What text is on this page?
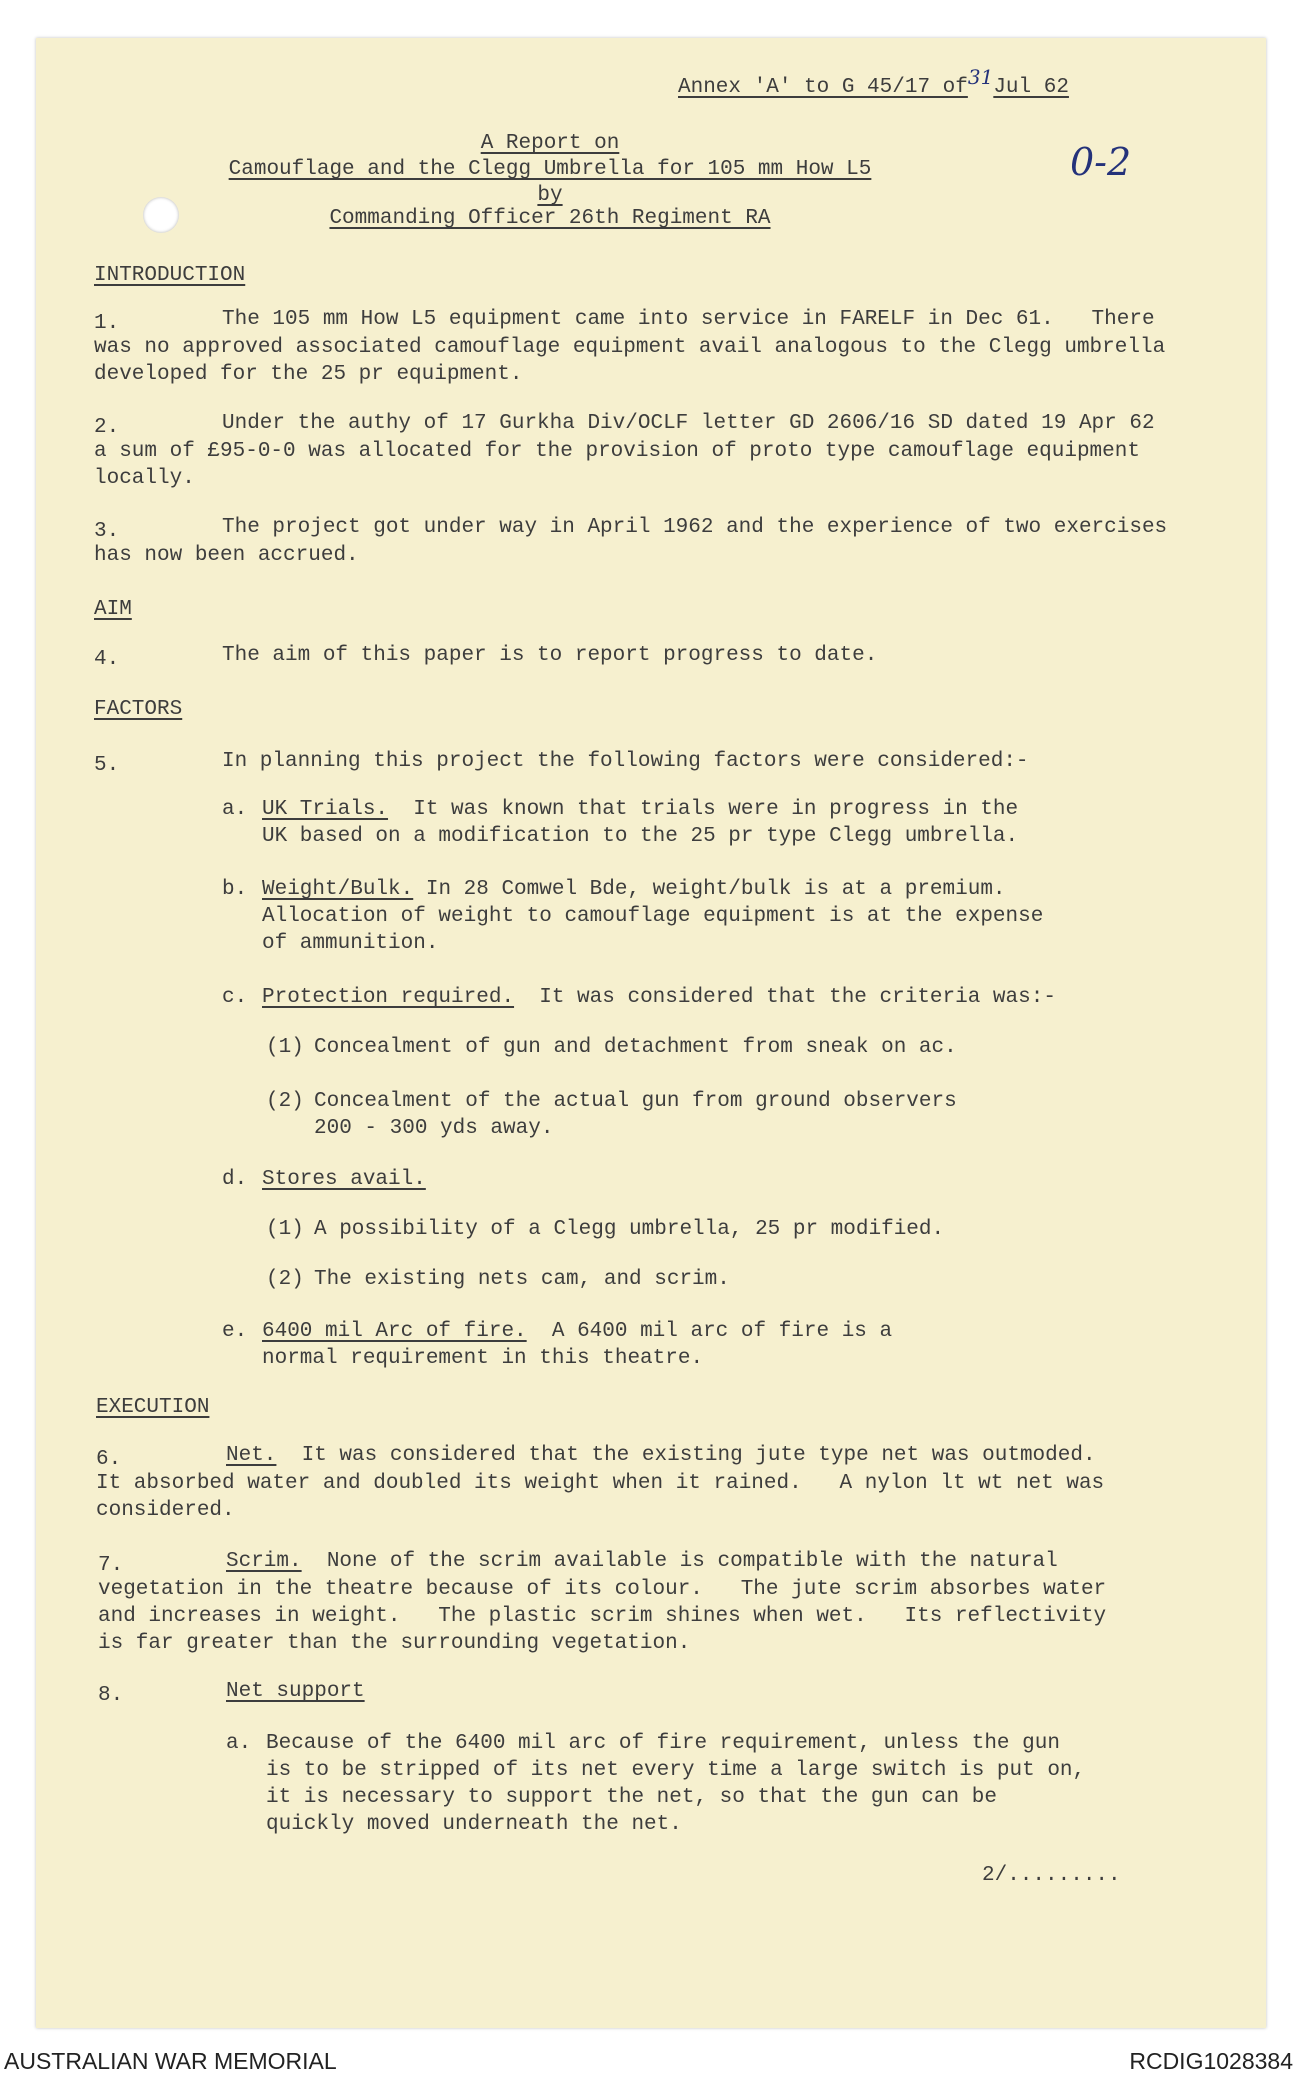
Annex 'A' to G 45/17 of31Jul 62
0-2
A Report on
Camouflage and the Clegg Umbrella for 105 mm How L5
by
Commanding Officer 26th Regiment RA
INTRODUCTION
1.	The 105 mm How L5 equipment came into service in FARELF in Dec 61.   There
was no approved associated camouflage equipment avail analogous to the Clegg umbrella
developed for the 25 pr equipment.
2.	Under the authy of 17 Gurkha Div/OCLF letter GD 2606/16 SD dated 19 Apr 62
a sum of £95-0-0 was allocated for the provision of proto type camouflage equipment
locally.
3.	The project got under way in April 1962 and the experience of two exercises
has now been accrued.
AIM
4.	The aim of this paper is to report progress to date.
FACTORS
5.	In planning this project the following factors were considered:-
a. UK Trials.  It was known that trials were in progress in the
UK based on a modification to the 25 pr type Clegg umbrella.
b. Weight/Bulk. In 28 Comwel Bde, weight/bulk is at a premium.
Allocation of weight to camouflage equipment is at the expense
of ammunition.
c. Protection required.  It was considered that the criteria was:-
(1) Concealment of gun and detachment from sneak on ac.
(2) Concealment of the actual gun from ground observers
200 - 300 yds away.
d. Stores avail.
(1) A possibility of a Clegg umbrella, 25 pr modified.
(2) The existing nets cam, and scrim.
e. 6400 mil Arc of fire.  A 6400 mil arc of fire is a
normal requirement in this theatre.
EXECUTION
6.	Net.  It was considered that the existing jute type net was outmoded.
It absorbed water and doubled its weight when it rained.   A nylon lt wt net was
considered.
7.	Scrim.  None of the scrim available is compatible with the natural
vegetation in the theatre because of its colour.   The jute scrim absorbes water
and increases in weight.   The plastic scrim shines when wet.   Its reflectivity
is far greater than the surrounding vegetation.
8.	Net support
a. Because of the 6400 mil arc of fire requirement, unless the gun
is to be stripped of its net every time a large switch is put on,
it is necessary to support the net, so that the gun can be
quickly moved underneath the net.
2/.........
AUSTRALIAN WAR MEMORIAL	RCDIG1028384
